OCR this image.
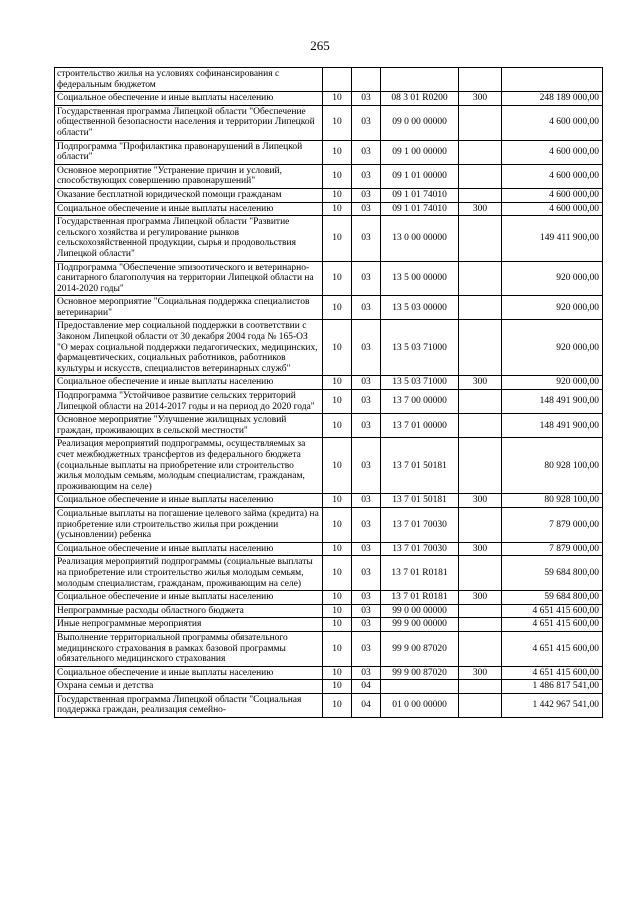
265
строительство жилья на условиях софинансирования с федеральным бюджетом					
Социальное обеспечение и иные выплаты населению	10	03	08 3 01 R0200	300	248 189 000,00
Государственная программа Липецкой области "Обеспечение общественной безопасности населения и территории Липецкой области"	10	03	09 0 00 00000		4 600 000,00
Подпрограмма "Профилактика правонарушений в Липецкой области"	10	03	09 1 00 00000		4 600 000,00
Основное мероприятие "Устранение причин и условий, способствующих совершению правонарушений"	10	03	09 1 01 00000		4 600 000,00
Оказание бесплатной юридической помощи гражданам	10	03	09 1 01 74010		4 600 000,00
Социальное обеспечение и иные выплаты населению	10	03	09 1 01 74010	300	4 600 000,00
Государственная программа Липецкой области "Развитие сельского хозяйства и регулирование рынков сельскохозяйственной продукции, сырья и продовольствия Липецкой области"	10	03	13 0 00 00000		149 411 900,00
Подпрограмма "Обеспечение эпизоотического и ветеринарно-санитарного благополучия на территории Липецкой области на 2014-2020 годы"	10	03	13 5 00 00000		920 000,00
Основное мероприятие "Социальная поддержка специалистов ветеринарии"	10	03	13 5 03 00000		920 000,00
Предоставление мер социальной поддержки в соответствии с Законом Липецкой области от 30 декабря 2004 года № 165-ОЗ "О мерах социальной поддержки педагогических, медицинских, фармацевтических, социальных работников, работников культуры и искусств, специалистов ветеринарных служб"	10	03	13 5 03 71000		920 000,00
Социальное обеспечение и иные выплаты населению	10	03	13 5 03 71000	300	920 000,00
Подпрограмма "Устойчивое развитие сельских территорий Липецкой области на 2014-2017 годы и на период до 2020 года"	10	03	13 7 00 00000		148 491 900,00
Основное мероприятие "Улучшение жилищных условий граждан, проживающих в сельской местности"	10	03	13 7 01 00000		148 491 900,00
Реализация мероприятий подпрограммы, осуществляемых за счет межбюджетных трансфертов из федерального бюджета (социальные выплаты на приобретение или строительство жилья молодым семьям, молодым специалистам, гражданам, проживающим на селе)	10	03	13 7 01 50181		80 928 100,00
Социальное обеспечение и иные выплаты населению	10	03	13 7 01 50181	300	80 928 100,00
Социальные выплаты на погашение целевого займа (кредита) на приобретение или строительство жилья при рождении (усыновлении) ребенка	10	03	13 7 01 70030		7 879 000,00
Социальное обеспечение и иные выплаты населению	10	03	13 7 01 70030	300	7 879 000,00
Реализация мероприятий подпрограммы (социальные выплаты на приобретение или строительство жилья молодым семьям, молодым специалистам, гражданам, проживающим на селе)	10	03	13 7 01 R0181		59 684 800,00
Социальное обеспечение и иные выплаты населению	10	03	13 7 01 R0181	300	59 684 800,00
Непрограммные расходы областного бюджета	10	03	99 0 00 00000		4 651 415 600,00
Иные непрограммные мероприятия	10	03	99 9 00 00000		4 651 415 600,00
Выполнение территориальной программы обязательного медицинского страхования в рамках базовой программы обязательного медицинского страхования	10	03	99 9 00 87020		4 651 415 600,00
Социальное обеспечение и иные выплаты населению	10	03	99 9 00 87020	300	4 651 415 600,00
Охрана семьи и детства	10	04			1 486 817 541,00
Государственная программа Липецкой области "Социальная поддержка граждан, реализация семейно-	10	04	01 0 00 00000		1 442 967 541,00
